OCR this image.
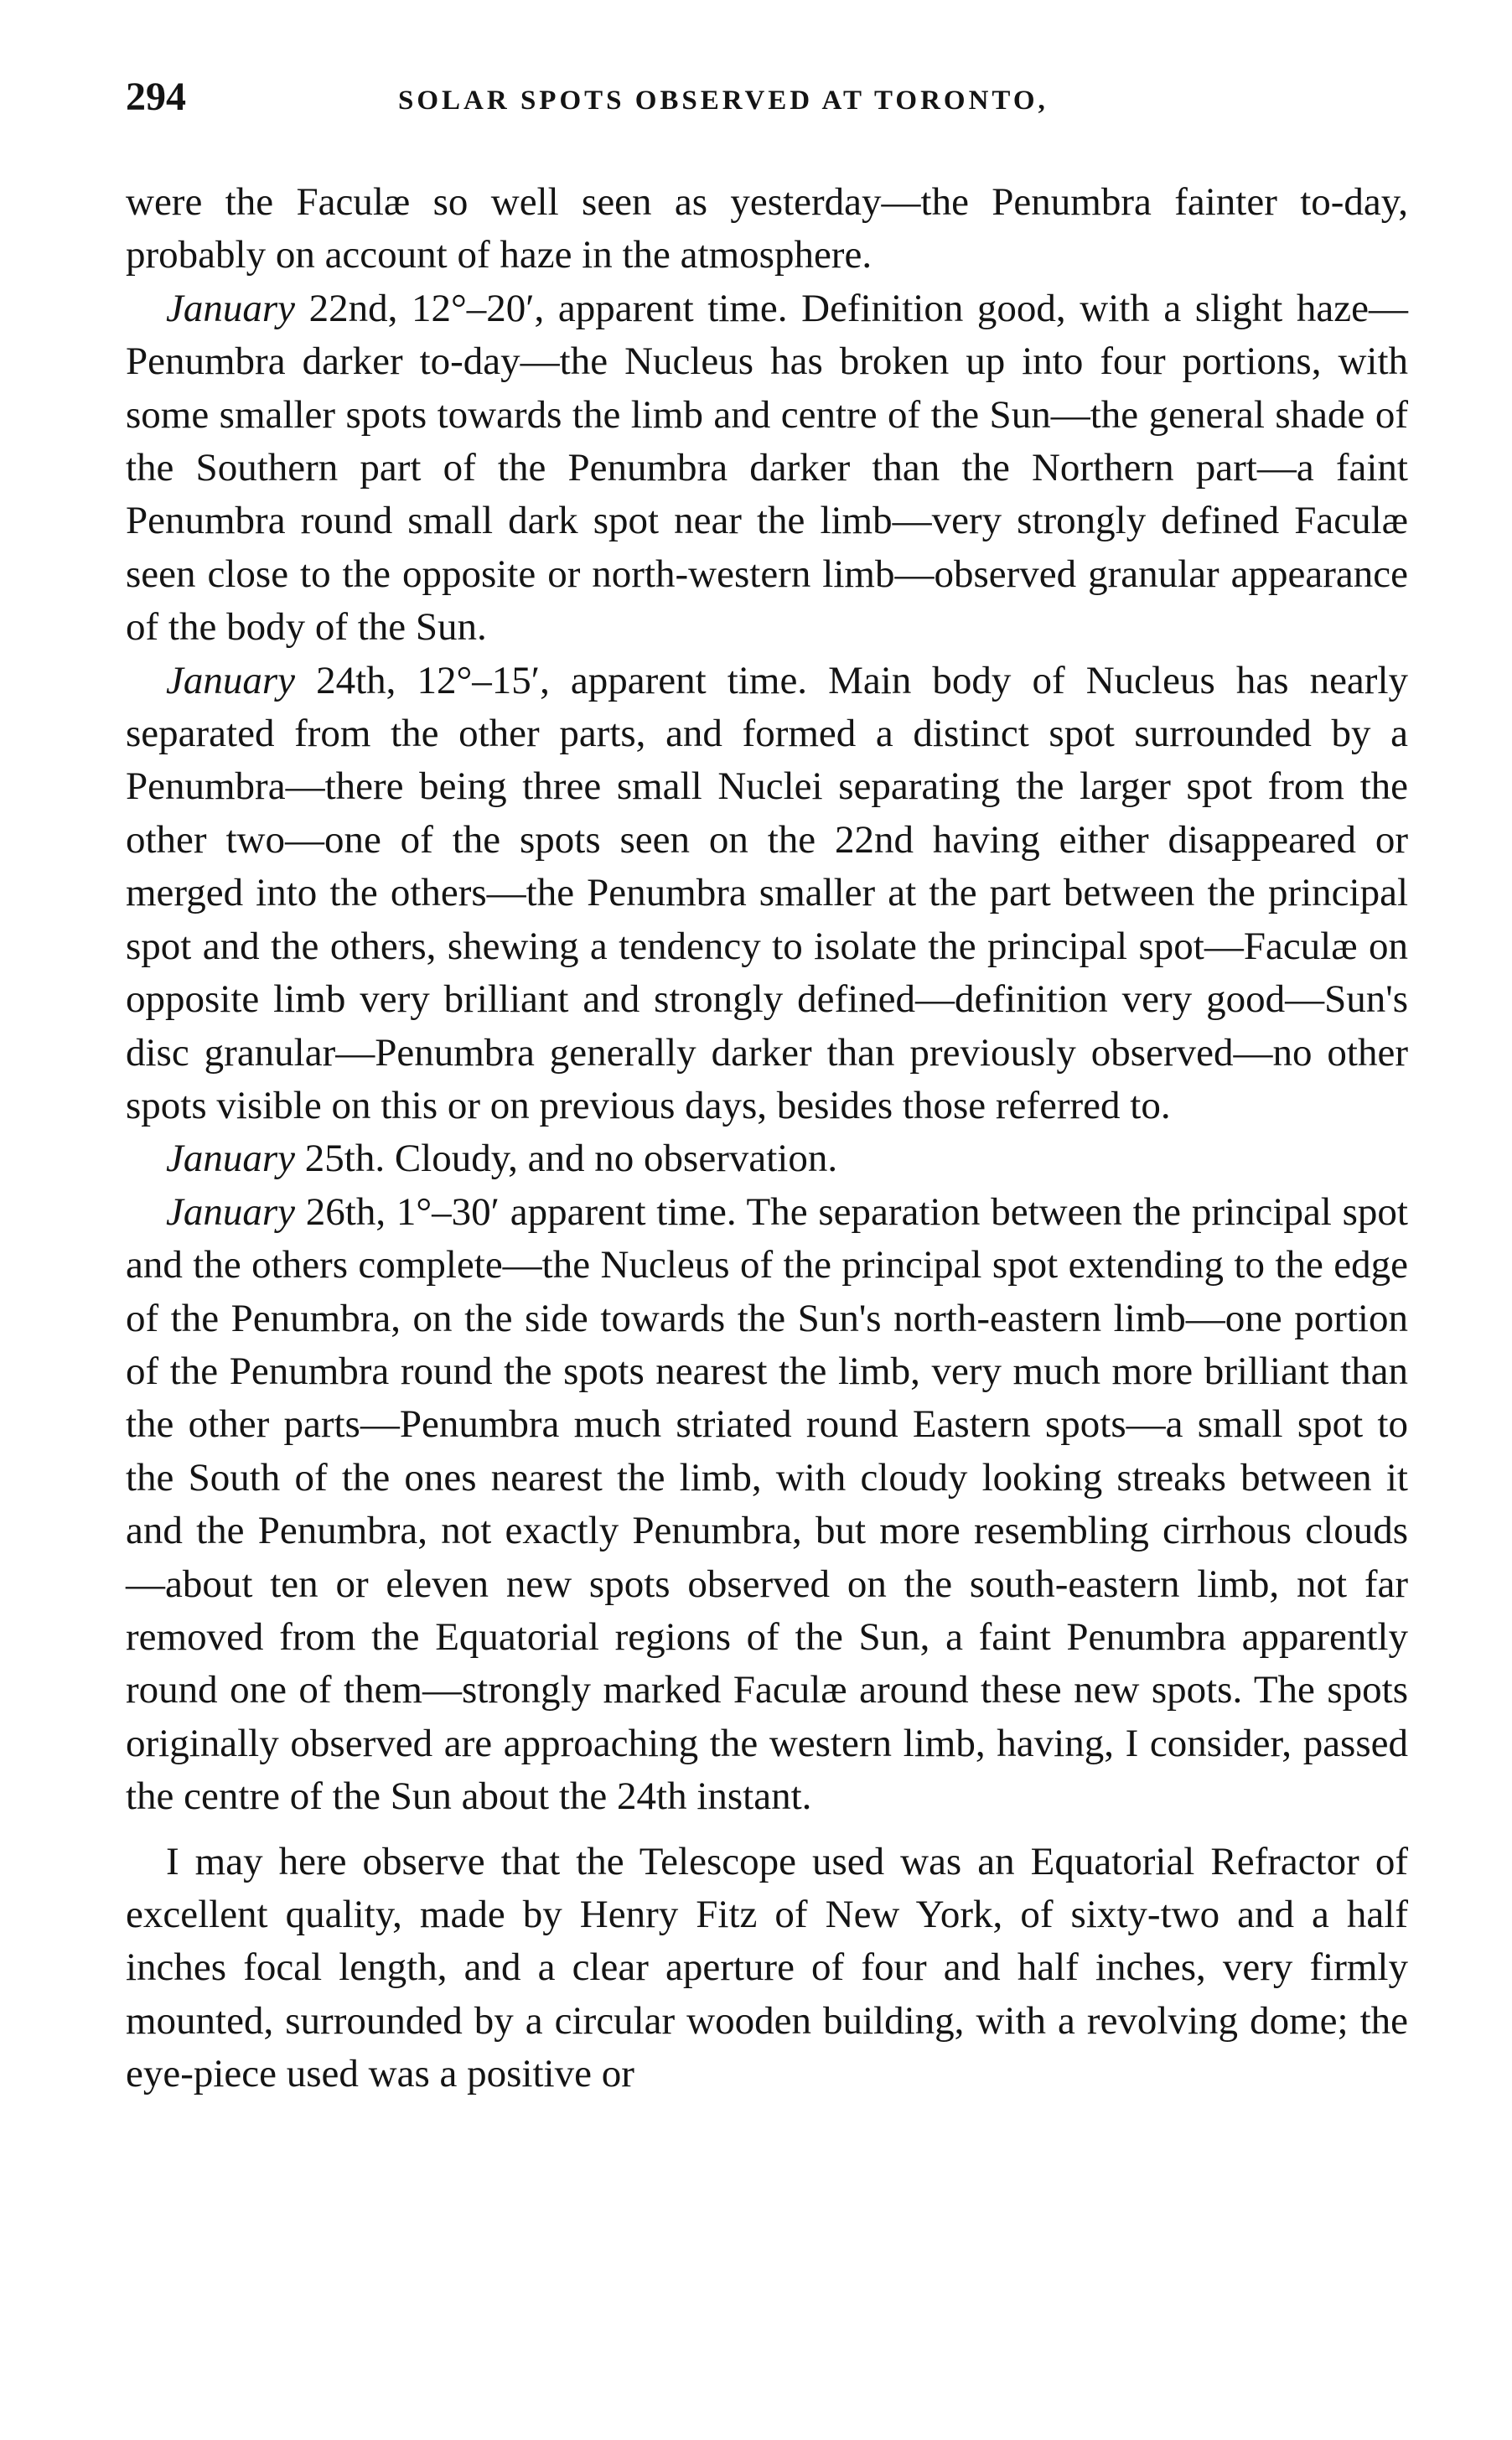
294	SOLAR SPOTS OBSERVED AT TORONTO,

were the Faculæ so well seen as yesterday—the Penumbra fainter to-day, probably on account of haze in the atmosphere.

January 22nd, 12°–20′, apparent time. Definition good, with a slight haze—Penumbra darker to-day—the Nucleus has broken up into four portions, with some smaller spots towards the limb and centre of the Sun—the general shade of the Southern part of the Penumbra darker than the Northern part—a faint Penumbra round small dark spot near the limb—very strongly defined Faculæ seen close to the opposite or north-western limb—observed granular appearance of the body of the Sun.

January 24th, 12°–15′, apparent time. Main body of Nucleus has nearly separated from the other parts, and formed a distinct spot surrounded by a Penumbra—there being three small Nuclei separating the larger spot from the other two—one of the spots seen on the 22nd having either disappeared or merged into the others—the Penumbra smaller at the part between the principal spot and the others, shewing a tendency to isolate the principal spot—Faculæ on opposite limb very brilliant and strongly defined—definition very good—Sun's disc granular—Penumbra generally darker than previously observed—no other spots visible on this or on previous days, besides those referred to.

January 25th. Cloudy, and no observation.

January 26th, 1°–30′ apparent time. The separation between the principal spot and the others complete—the Nucleus of the principal spot extending to the edge of the Penumbra, on the side towards the Sun's north-eastern limb—one portion of the Penumbra round the spots nearest the limb, very much more brilliant than the other parts—Penumbra much striated round Eastern spots—a small spot to the South of the ones nearest the limb, with cloudy looking streaks between it and the Penumbra, not exactly Penumbra, but more resembling cirrhous clouds—about ten or eleven new spots observed on the south-eastern limb, not far removed from the Equatorial regions of the Sun, a faint Penumbra apparently round one of them—strongly marked Faculæ around these new spots. The spots originally observed are approaching the western limb, having, I consider, passed the centre of the Sun about the 24th instant.

I may here observe that the Telescope used was an Equatorial Refractor of excellent quality, made by Henry Fitz of New York, of sixty-two and a half inches focal length, and a clear aperture of four and half inches, very firmly mounted, surrounded by a circular wooden building, with a revolving dome; the eye-piece used was a positive or
